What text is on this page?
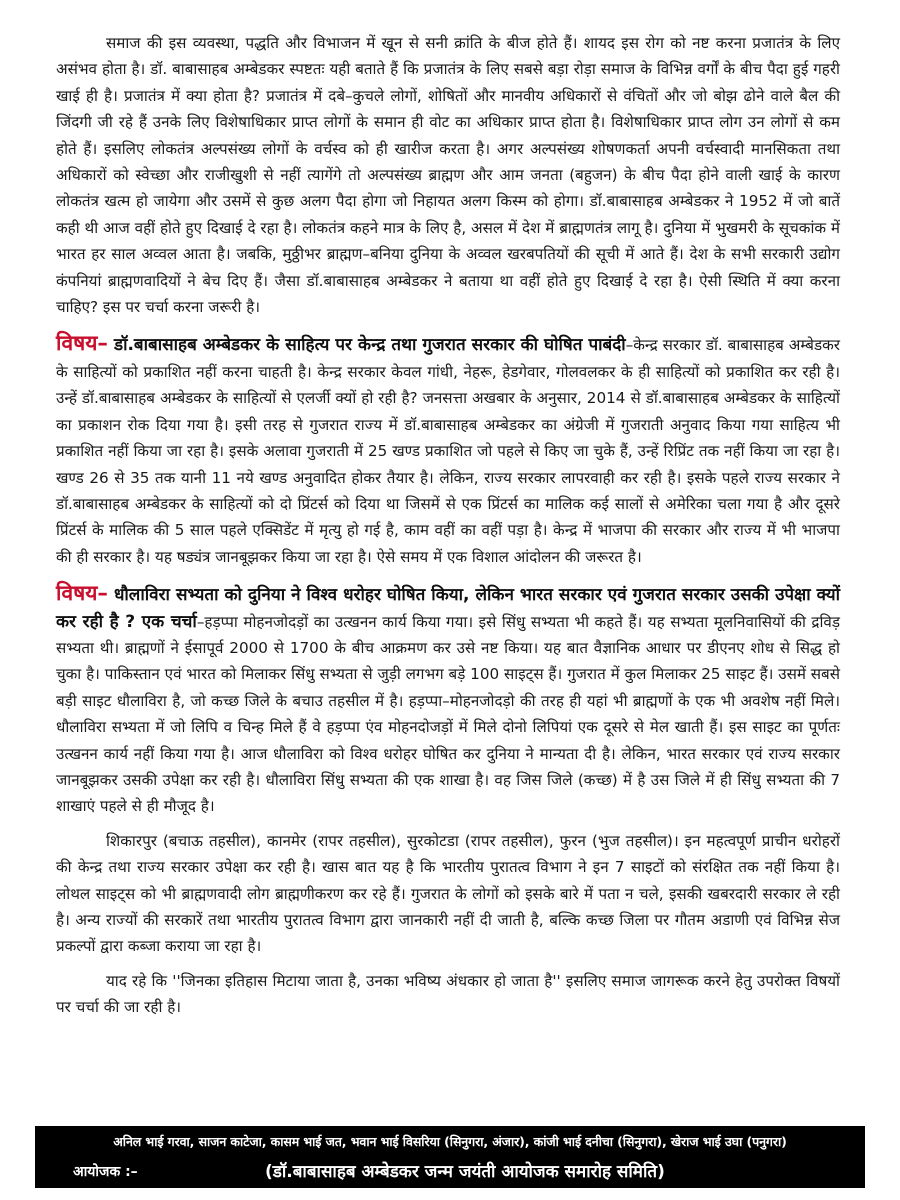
समाज की इस व्यवस्था, पद्धति और विभाजन में खून से सनी क्रांति के बीज होते हैं। शायद इस रोग को नष्ट करना प्रजातंत्र के लिए असंभव होता है। डॉ. बाबासाहब अम्बेडकर स्पष्टतः यही बताते हैं कि प्रजातंत्र के लिए सबसे बड़ा रोड़ा समाज के विभिन्न वर्गों के बीच पैदा हुई गहरी खाई ही है। प्रजातंत्र में क्या होता है? प्रजातंत्र में दबे–कुचले लोगों, शोषितों और मानवीय अधिकारों से वंचितों और जो बोझ ढोने वाले बैल की जिंदगी जी रहे हैं उनके लिए विशेषाधिकार प्राप्त लोगों के समान ही वोट का अधिकार प्राप्त होता है। विशेषाधिकार प्राप्त लोग उन लोगों से कम होते हैं। इसलिए लोकतंत्र अल्पसंख्य लोगों के वर्चस्व को ही खारीज करता है। अगर अल्पसंख्य शोषणकर्ता अपनी वर्चस्वादी मानसिकता तथा अधिकारों को स्वेच्छा और राजीखुशी से नहीं त्यागेंगे तो अल्पसंख्य ब्राह्मण और आम जनता (बहुजन) के बीच पैदा होने वाली खाई के कारण लोकतंत्र खत्म हो जायेगा और उसमें से कुछ अलग पैदा होगा जो निहायत अलग किस्म को होगा। डॉ.बाबासाहब अम्बेडकर ने 1952 में जो बातें कही थी आज वहीं होते हुए दिखाई दे रहा है। लोकतंत्र कहने मात्र के लिए है, असल में देश में ब्राह्मणतंत्र लागू है। दुनिया में भुखमरी के सूचकांक में भारत हर साल अव्वल आता है। जबकि, मुठ्ठीभर ब्राह्मण–बनिया दुनिया के अव्वल खरबपतियों की सूची में आते हैं। देश के सभी सरकारी उद्योग कंपनियां ब्राह्मणवादियों ने बेच दिए हैं। जैसा डॉ.बाबासाहब अम्बेडकर ने बताया था वहीं होते हुए दिखाई दे रहा है। ऐसी स्थिति में क्या करना चाहिए? इस पर चर्चा करना जरूरी है।

विषय– डॉ.बाबासाहब अम्बेडकर के साहित्य पर केन्द्र तथा गुजरात सरकार की घोषित पाबंदी–केन्द्र सरकार डॉ. बाबासाहब अम्बेडकर के साहित्यों को प्रकाशित नहीं करना चाहती है। केन्द्र सरकार केवल गांधी, नेहरू, हेडगेवार, गोलवलकर के ही साहित्यों को प्रकाशित कर रही है। उन्हें डॉ.बाबासाहब अम्बेडकर के साहित्यों से एलर्जी क्यों हो रही है? जनसत्ता अखबार के अनुसार, 2014 से डॉ.बाबासाहब अम्बेडकर के साहित्यों का प्रकाशन रोक दिया गया है। इसी तरह से गुजरात राज्य में डॉ.बाबासाहब अम्बेडकर का अंग्रेजी में गुजराती अनुवाद किया गया साहित्य भी प्रकाशित नहीं किया जा रहा है। इसके अलावा गुजराती में 25 खण्ड प्रकाशित जो पहले से किए जा चुके हैं, उन्हें रिप्रिंट तक नहीं किया जा रहा है। खण्ड 26 से 35 तक यानी 11 नये खण्ड अनुवादित होकर तैयार है। लेकिन, राज्य सरकार लापरवाही कर रही है। इसके पहले राज्य सरकार ने डॉ.बाबासाहब अम्बेडकर के साहित्यों को दो प्रिंटर्स को दिया था जिसमें से एक प्रिंटर्स का मालिक कई सालों से अमेरिका चला गया है और दूसरे प्रिंटर्स के मालिक की 5 साल पहले एक्सिडेंट में मृत्यु हो गई है, काम वहीं का वहीं पड़ा है। केन्द्र में भाजपा की सरकार और राज्य में भी भाजपा की ही सरकार है। यह षड्यंत्र जानबूझकर किया जा रहा है। ऐसे समय में एक विशाल आंदोलन की जरूरत है।

विषय– धौलाविरा सभ्यता को दुनिया ने विश्व धरोहर घोषित किया, लेकिन भारत सरकार एवं गुजरात सरकार उसकी उपेक्षा क्यों कर रही है ? एक चर्चा–हड़प्पा मोहनजोदड़ों का उत्खनन कार्य किया गया। इसे सिंधु सभ्यता भी कहते हैं। यह सभ्यता मूलनिवासियों की द्रविड़ सभ्यता थी। ब्राह्मणों ने ईसापूर्व 2000 से 1700 के बीच आक्रमण कर उसे नष्ट किया। यह बात वैज्ञानिक आधार पर डीएनए शोध से सिद्ध हो चुका है। पाकिस्तान एवं भारत को मिलाकर सिंधु सभ्यता से जुड़ी लगभग बड़े 100 साइट्स हैं। गुजरात में कुल मिलाकर 25 साइट हैं। उसमें सबसे बड़ी साइट धौलाविरा है, जो कच्छ जिले के बचाउ तहसील में है। हड़प्पा–मोहनजोदड़ो की तरह ही यहां भी ब्राह्मणों के एक भी अवशेष नहीं मिले। धौलाविरा सभ्यता में जो लिपि व चिन्ह मिले हैं वे हड़प्पा एंव मोहनदोजड़ों में मिले दोनो लिपियां एक दूसरे से मेल खाती हैं। इस साइट का पूर्णतः उत्खनन कार्य नहीं किया गया है। आज धौलाविरा को विश्व धरोहर घोषित कर दुनिया ने मान्यता दी है। लेकिन, भारत सरकार एवं राज्य सरकार जानबूझकर उसकी उपेक्षा कर रही है। धौलाविरा सिंधु सभ्यता की एक शाखा है। वह जिस जिले (कच्छ) में है उस जिले में ही सिंधु सभ्यता की 7 शाखाएं पहले से ही मौजूद है।

शिकारपुर (बचाऊ तहसील), कानमेर (रापर तहसील), सुरकोटडा (रापर तहसील), फुरन (भुज तहसील)। इन महत्वपूर्ण प्राचीन धरोहरों की केन्द्र तथा राज्य सरकार उपेक्षा कर रही है। खास बात यह है कि भारतीय पुरातत्व विभाग ने इन 7 साइटों को संरक्षित तक नहीं किया है। लोथल साइट्स को भी ब्राह्मणवादी लोग ब्राह्मणीकरण कर रहे हैं। गुजरात के लोगों को इसके बारे में पता न चले, इसकी खबरदारी सरकार ले रही है। अन्य राज्यों की सरकारें तथा भारतीय पुरातत्व विभाग द्वारा जानकारी नहीं दी जाती है, बल्कि कच्छ जिला पर गौतम अडाणी एवं विभिन्न सेज प्रकल्पों द्वारा कब्जा कराया जा रहा है।

याद रहे कि ''जिनका इतिहास मिटाया जाता है, उनका भविष्य अंधकार हो जाता है'' इसलिए समाज जागरूक करने हेतु उपरोक्त विषयों पर चर्चा की जा रही है।

अनिल भाई गरवा, साजन काटेजा, कासम भाई जत, भवान भाई विसरिया (सिनुगरा, अंजार), कांजी भाई दनीचा (सिनुगरा), खेराज भाई उघा (पनुगरा)
आयोजक :–	(डॉ.बाबासाहब अम्बेडकर जन्म जयंती आयोजक समारोह समिति)
